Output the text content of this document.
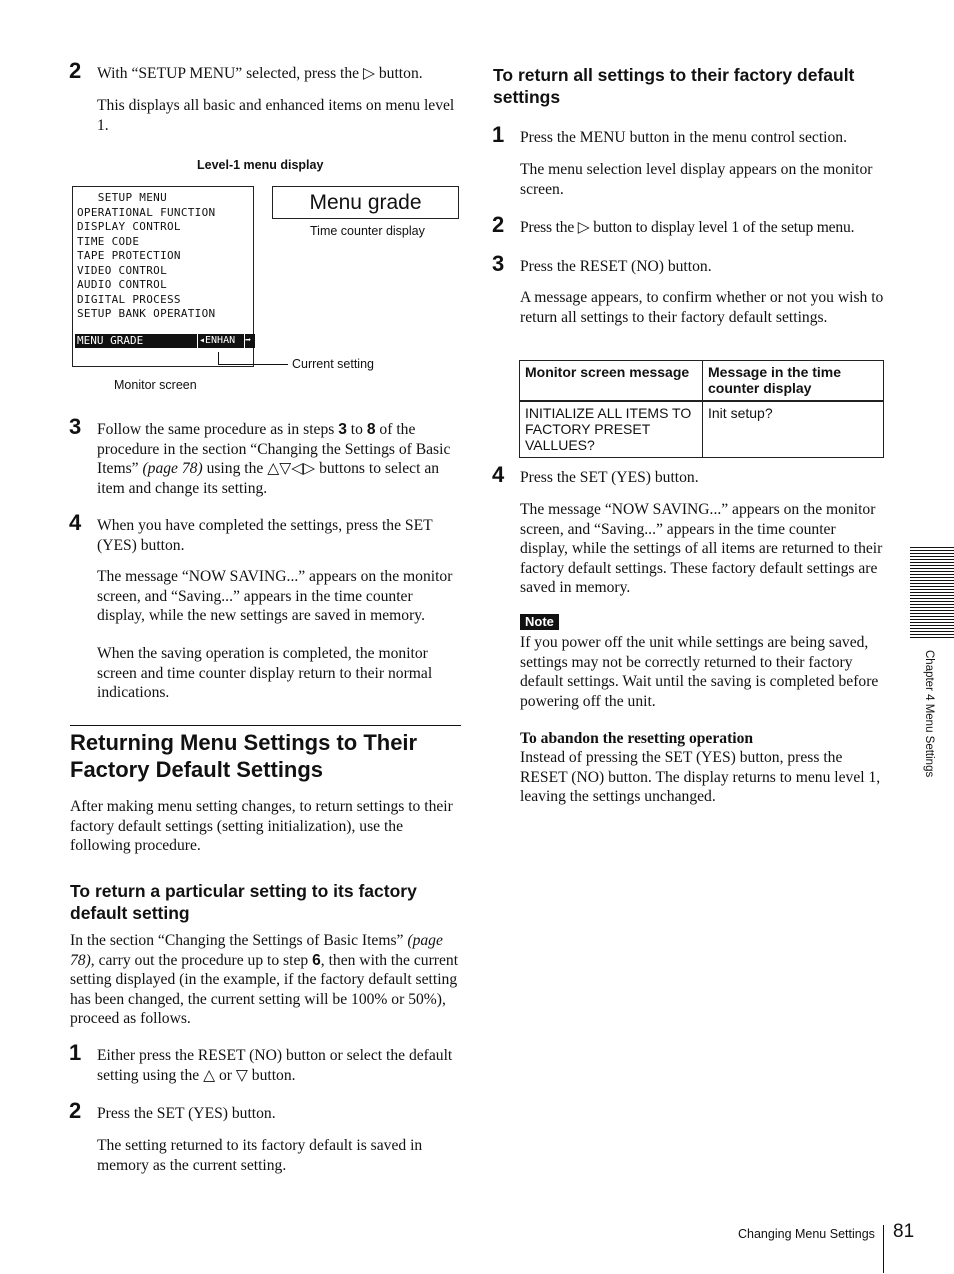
2 With “SETUP MENU” selected, press the ▷ button.

This displays all basic and enhanced items on menu level 1.

Level-1 menu display
SETUP MENU
OPERATIONAL FUNCTION
DISPLAY CONTROL
TIME CODE
TAPE PROTECTION
VIDEO CONTROL
AUDIO CONTROL
DIGITAL PROCESS
SETUP BANK OPERATION
MENU GRADE	◂ENHAN ➡
Current setting
Menu grade
Time counter display
Monitor screen
3 Follow the same procedure as in steps 3 to 8 of the procedure in the section “Changing the Settings of Basic Items” (page 78) using the △▽◁▷ buttons to select an item and change its setting.

4 When you have completed the settings, press the SET (YES) button.

The message “NOW SAVING...” appears on the monitor screen, and “Saving...” appears in the time counter display, while the new settings are saved in memory.

When the saving operation is completed, the monitor screen and time counter display return to their normal indications.

Returning Menu Settings to Their Factory Default Settings

After making menu setting changes, to return settings to their factory default settings (setting initialization), use the following procedure.

To return a particular setting to its factory default setting

In the section “Changing the Settings of Basic Items” (page 78), carry out the procedure up to step 6, then with the current setting displayed (in the example, if the factory default setting has been changed, the current setting will be 100% or 50%), proceed as follows.

1 Either press the RESET (NO) button or select the default setting using the △ or ▽ button.

2 Press the SET (YES) button.

The setting returned to its factory default is saved in memory as the current setting.

To return all settings to their factory default settings
1 Press the MENU button in the menu control section.

The menu selection level display appears on the monitor screen.

2 Press the ▷ button to display level 1 of the setup menu.

3 Press the RESET (NO) button.

A message appears, to confirm whether or not you wish to return all settings to their factory default settings.

Monitor screen message	Message in the time counter display
INITIALIZE ALL ITEMS TO FACTORY PRESET VALLUES?	Init setup?
4 Press the SET (YES) button.

The message “NOW SAVING...” appears on the monitor screen, and “Saving...” appears in the time counter display, while the settings of all items are returned to their factory default settings. These factory default settings are saved in memory.

Note

If you power off the unit while settings are being saved, settings may not be correctly returned to their factory default settings. Wait until the saving is completed before powering off the unit.

To abandon the resetting operation

Instead of pressing the SET (YES) button, press the RESET (NO) button. The display returns to menu level 1, leaving the settings unchanged.

Chapter 4 Menu Settings
Changing Menu Settings 81
